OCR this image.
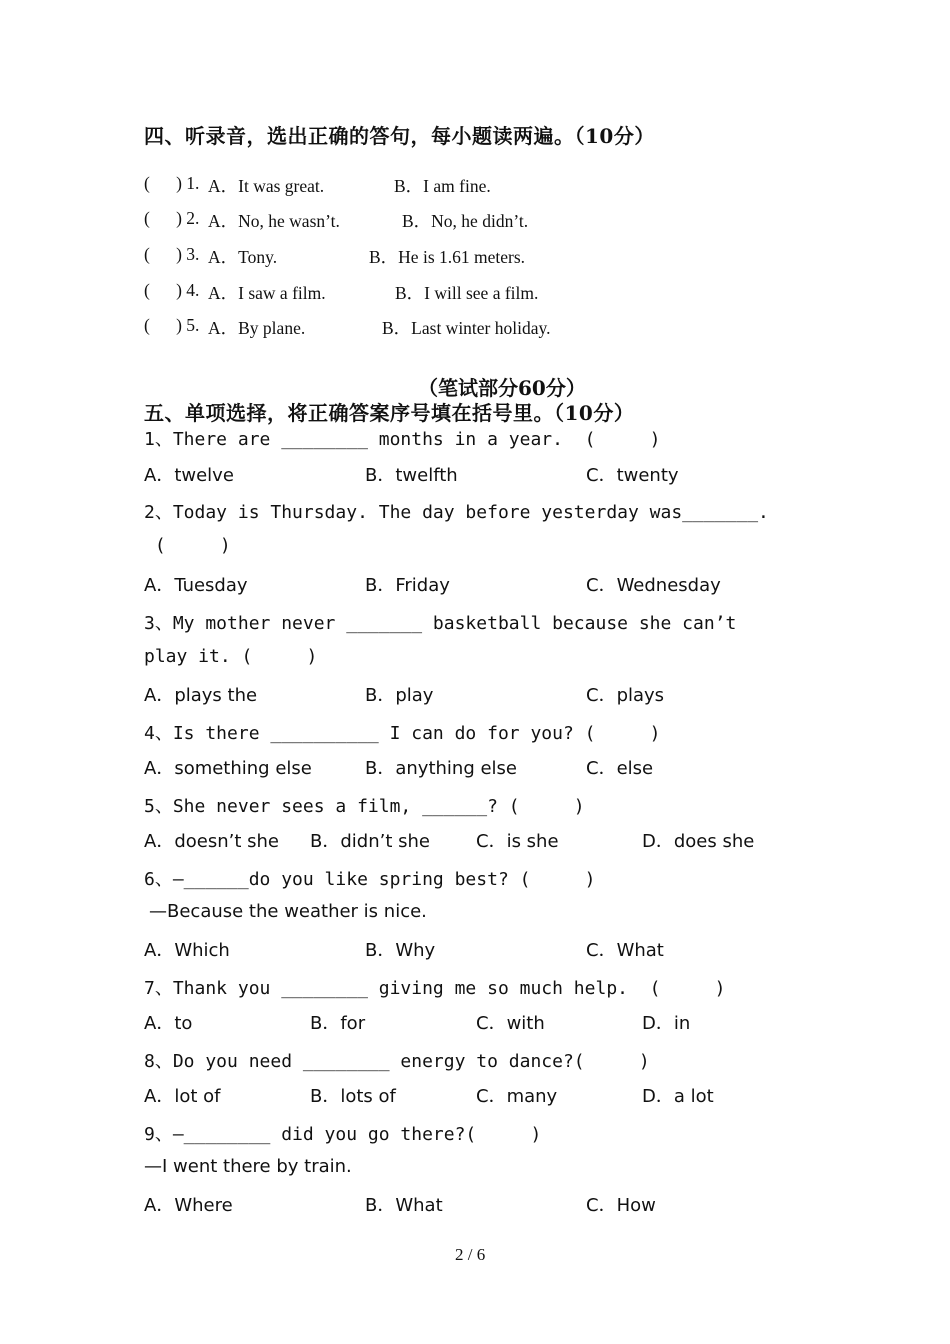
四、听录音，选出正确的答句，每小题读两遍。（10分）
(      ) 1. A．It was great.	B．I am fine.
(      ) 2. A．No, he wasn’t.	B．No, he didn’t.
(      ) 3. A．Tony.	B．He is 1.61 meters.
(      ) 4. A．I saw a film.	B．I will see a film.
(      ) 5. A．By plane.	B．Last winter holiday.
（笔试部分60分）
五、单项选择，将正确答案序号填在括号里。（10分）
1、There are ________ months in a year.  (     )
A．twelve	B．twelfth	C．twenty
2、Today is Thursday. The day before yesterday was_______.
(     )
A．Tuesday	B．Friday	C．Wednesday
3、My mother never _______ basketball because she can’t
play it. (     )
A．plays the	B．play	C．plays
4、Is there __________ I can do for you? (     )
A．something else	B．anything else	C．else
5、She never sees a film, ______? (     )
A．doesn’t she B．didn’t she	C．is she	D．does she
6、—______do you like spring best? (     )
—Because the weather is nice.
A．Which	B．Why	C．What
7、Thank you ________ giving me so much help.  (     )
A．to	B．for	C．with	D．in
8、Do you need ________ energy to dance?(     )
A．lot of	B．lots of	C．many	D．a lot
9、—________ did you go there?(     )
—I went there by train.
A．Where	B．What	C．How
2 / 6
